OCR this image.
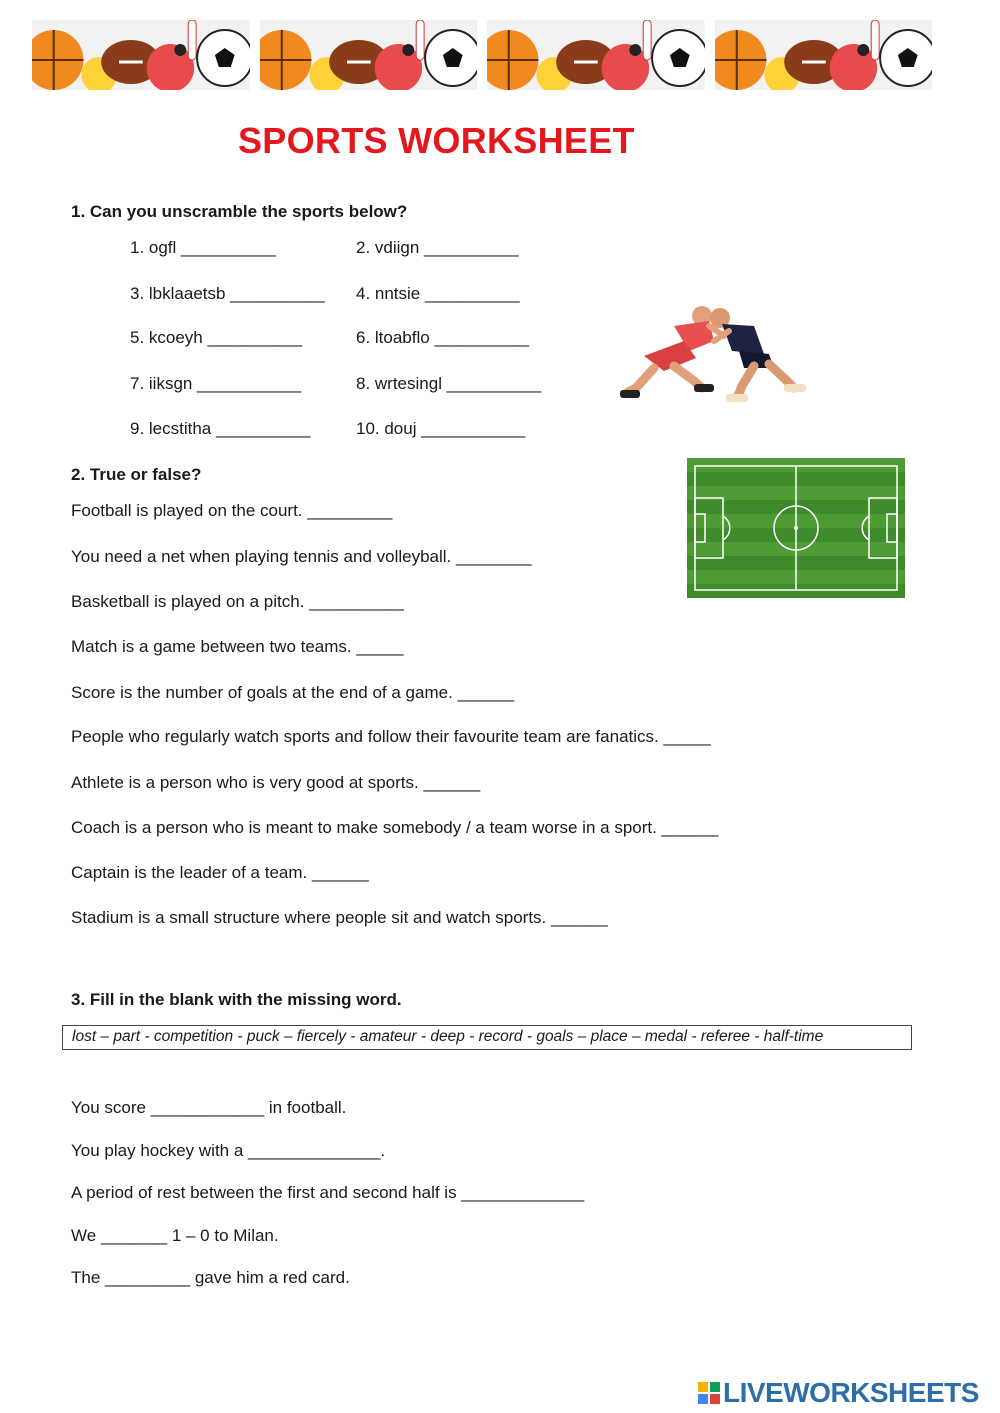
SPORTS WORKSHEET
1. Can you unscramble the sports below?
1. ogfl __________	2. vdiign __________
3. lbklaaetsb __________ 4. nntsie __________
5. kcoeyh __________	6. ltoabflo __________
7. iiksgn ___________	8. wrtesingl __________
9. lecstitha __________	10. douj ___________
2. True or false?
Football is played on the court. _________
You need a net when playing tennis and volleyball. ________
Basketball is played on a pitch. __________
Match is a game between two teams. _____
Score is the number of goals at the end of a game. ______
People who regularly watch sports and follow their favourite team are fanatics. _____
Athlete is a person who is very good at sports. ______
Coach is a person who is meant to make somebody / a team worse in a sport. ______
Captain is the leader of a team. ______
Stadium is a small structure where people sit and watch sports. ______
3. Fill in the blank with the missing word.
lost – part - competition - puck – fiercely - amateur - deep - record - goals – place – medal - referee - half-time
You score ____________ in football.
You play hockey with a ______________.
A period of rest between the first and second half is _____________
We _______ 1 – 0 to Milan.
The _________ gave him a red card.
LIVEWORKSHEETS
